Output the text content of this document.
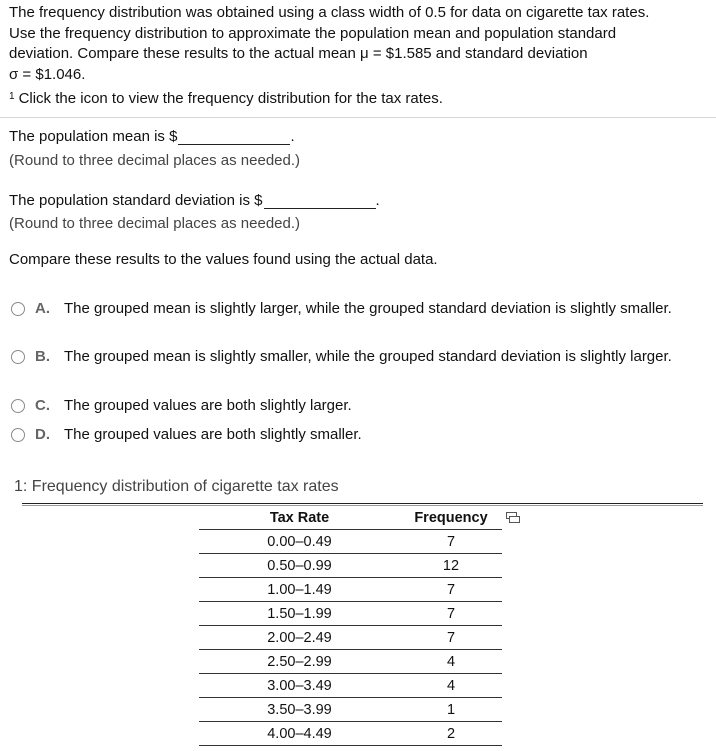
The frequency distribution was obtained using a class width of 0.5 for data on cigarette tax rates.

Use the frequency distribution to approximate the population mean and population standard

deviation. Compare these results to the actual mean μ = $1.585 and standard deviation

σ = $1.046.

$^1$ Click the icon to view the frequency distribution for the tax rates.
The population mean is $	.
(Round to three decimal places as needed.)
The population standard deviation is $	.
(Round to three decimal places as needed.)
Compare these results to the values found using the actual data.
A. The grouped mean is slightly larger, while the grouped standard deviation is slightly smaller.
B. The grouped mean is slightly smaller, while the grouped standard deviation is slightly larger.
C. The grouped values are both slightly larger.
D. The grouped values are both slightly smaller.
1: Frequency distribution of cigarette tax rates
Tax Rate	Frequency
0.00–0.49	7
0.50–0.99	12
1.00–1.49	7
1.50–1.99	7
2.00–2.49	7
2.50–2.99	4
3.00–3.49	4
3.50–3.99	1
4.00–4.49	2
